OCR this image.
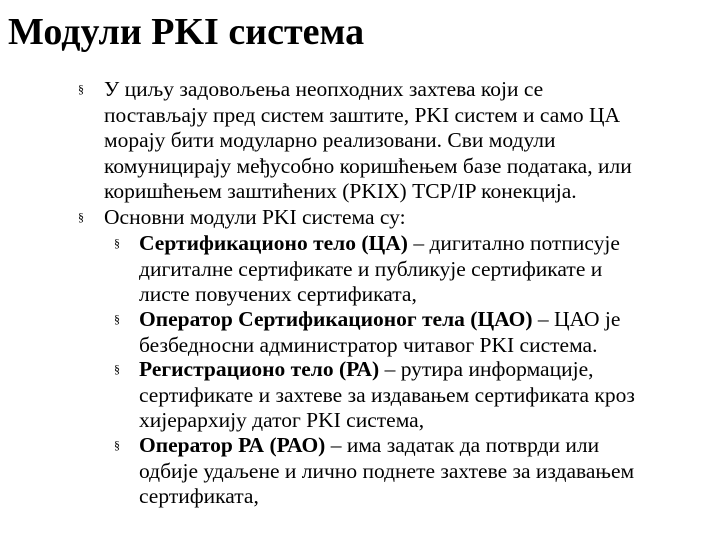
Модули PKI система
§ У циљу задовољења неопходних захтева који се
постављају пред систем заштите, PKI систем и само ЦА
морају бити модуларно реализовани. Сви модули
комуницирају међусобно коришћењем базе података, или
коришћењем заштићених (PKIX) TCP/IP конекција.
§ Основни модули PKI система су:
§ Сертификационо тело (ЦА) – дигитално потписује
дигиталне сертификате и публикује сертификате и
листе повучених сертификата,
§ Оператор Сертификационог тела (ЦАО) – ЦАО је
безбедносни администратор читавог PKI система.
§ Регистрационо тело (РА) – рутира информације,
сертификате и захтеве за издавањем сертификата кроз
хијерархију датог PKI система,
§ Оператор РА (РАО) – има задатак да потврди или
одбије удаљене и лично поднете захтеве за издавањем
сертификата,
